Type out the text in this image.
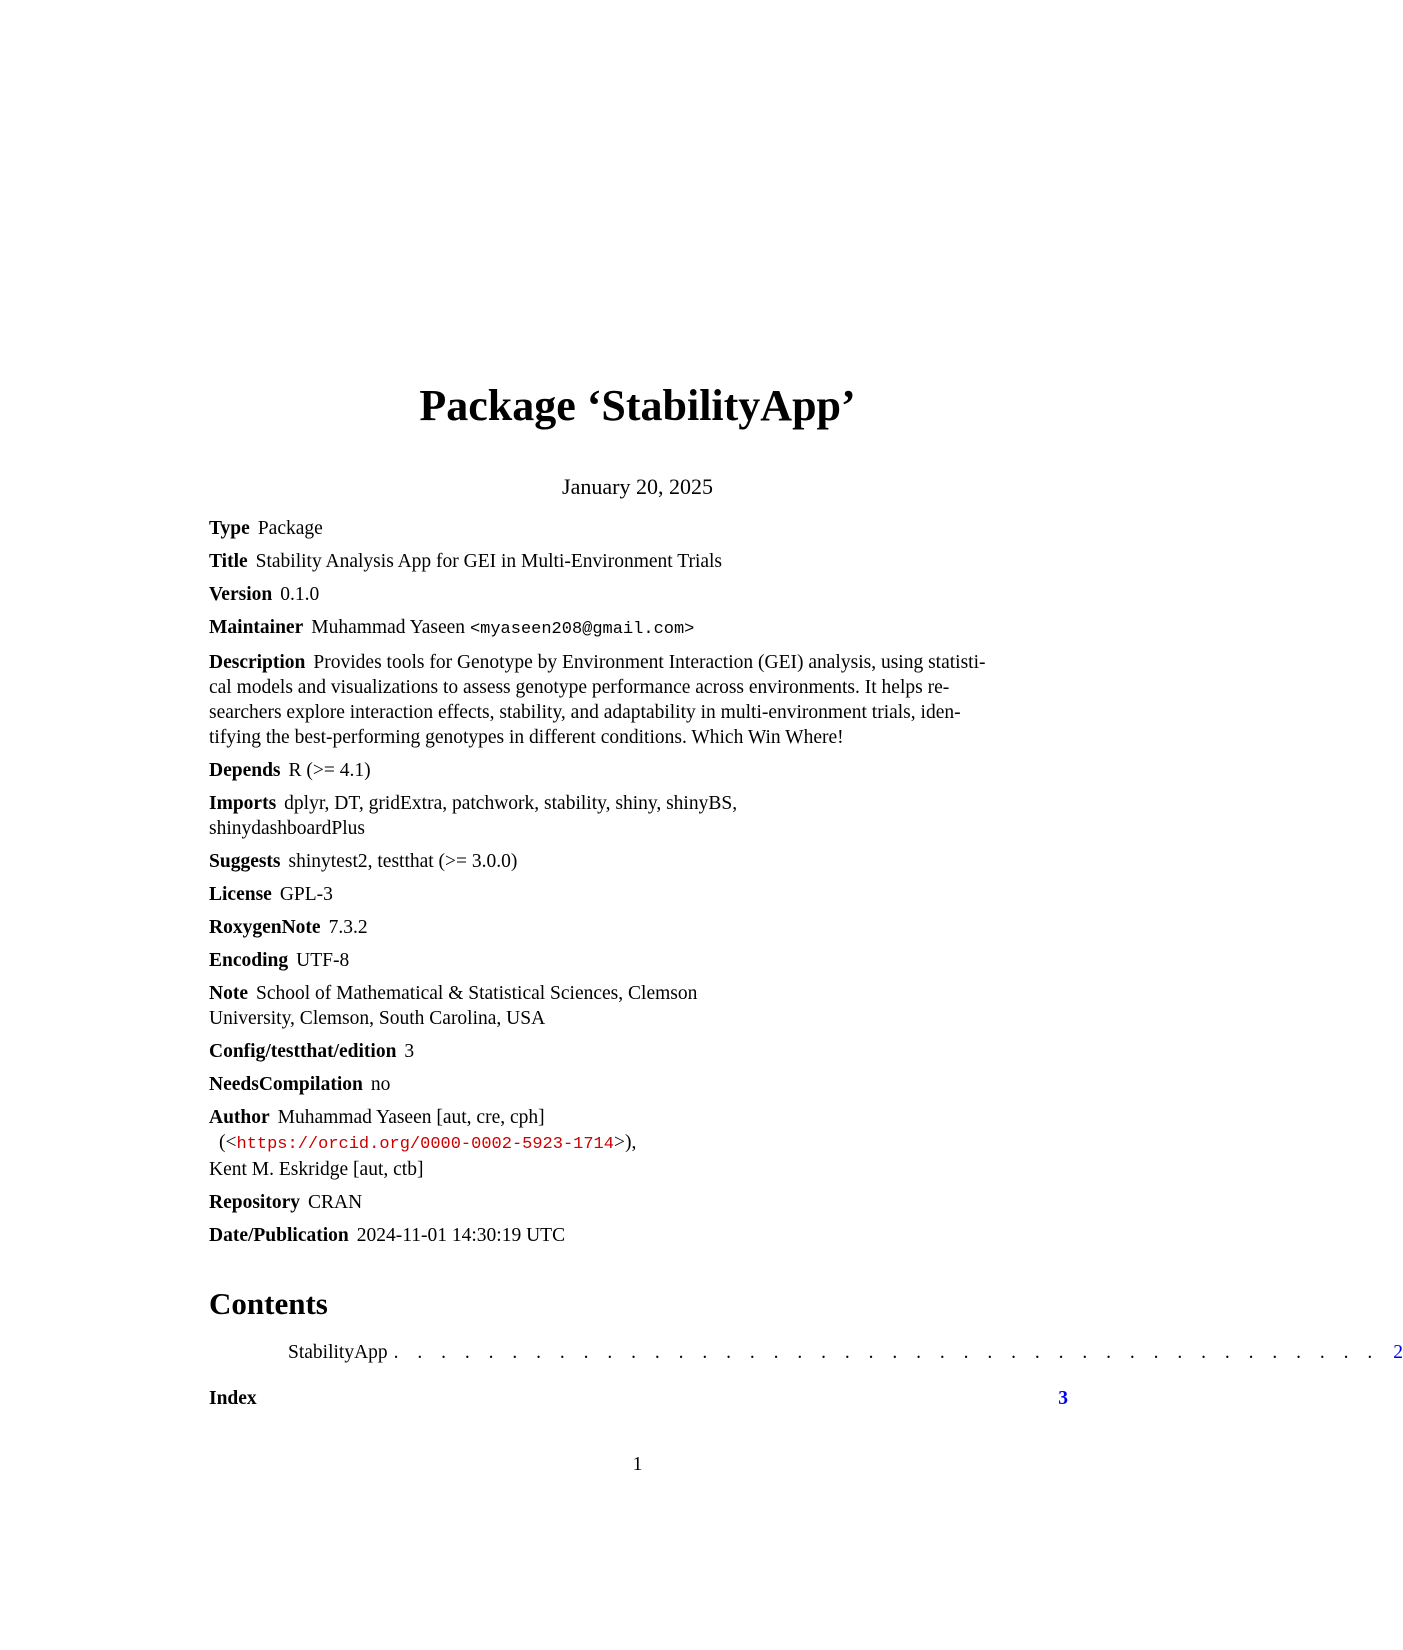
Package ‘StabilityApp’
January 20, 2025
Type Package
Title Stability Analysis App for GEI in Multi-Environment Trials
Version 0.1.0
Maintainer Muhammad Yaseen <myaseen208@gmail.com>
Description Provides tools for Genotype by Environment Interaction (GEI) analysis, using statisti-
cal models and visualizations to assess genotype performance across environments. It helps re-
searchers explore interaction effects, stability, and adaptability in multi-environment trials, iden-
tifying the best-performing genotypes in different conditions. Which Win Where!
Depends R (>= 4.1)
Imports dplyr, DT, gridExtra, patchwork, stability, shiny, shinyBS,
shinydashboardPlus
Suggests shinytest2, testthat (>= 3.0.0)
License GPL-3
RoxygenNote 7.3.2
Encoding UTF-8
Note School of Mathematical & Statistical Sciences, Clemson
University, Clemson, South Carolina, USA
Config/testthat/edition 3
NeedsCompilation no
Author Muhammad Yaseen [aut, cre, cph]
(<https://orcid.org/0000-0002-5923-1714>),
Kent M. Eskridge [aut, ctb]
Repository CRAN
Date/Publication 2024-11-01 14:30:19 UTC
Contents
StabilityApp . . . . . . . . . . . . . . . . . . . . . . . . . . . . . . . . . . . . . . . . . . 2
Index	3
1
